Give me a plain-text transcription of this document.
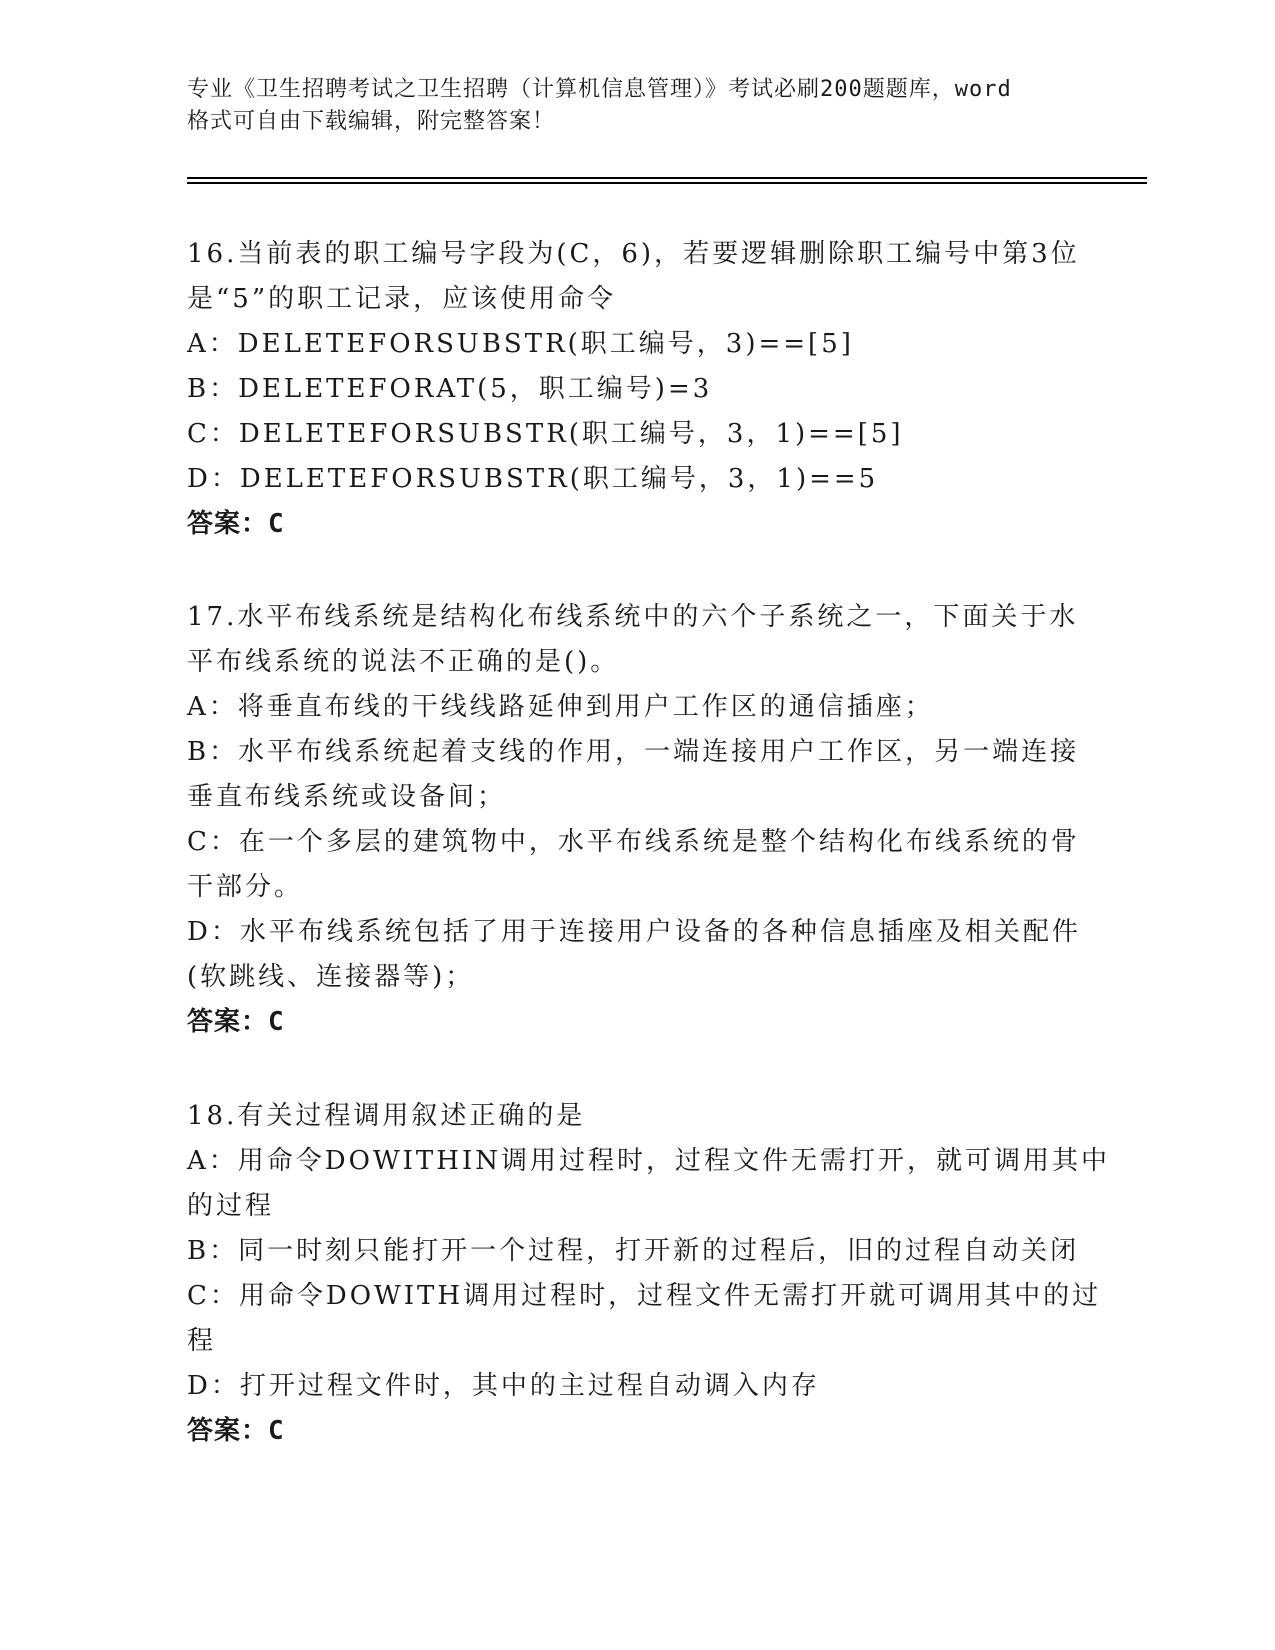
专业《卫生招聘考试之卫生招聘（计算机信息管理）》考试必刷200题题库，word
格式可自由下载编辑，附完整答案！
16.当前表的职工编号字段为(C，6)，若要逻辑删除职工编号中第3位
是“5”的职工记录，应该使用命令
A：DELETEFORSUBSTR(职工编号，3)==[5]
B：DELETEFORAT(5，职工编号)=3
C：DELETEFORSUBSTR(职工编号，3，1)==[5]
D：DELETEFORSUBSTR(职工编号，3，1)==5
答案：C
17.水平布线系统是结构化布线系统中的六个子系统之一，下面关于水
平布线系统的说法不正确的是()。
A：将垂直布线的干线线路延伸到用户工作区的通信插座；
B：水平布线系统起着支线的作用，一端连接用户工作区，另一端连接
垂直布线系统或设备间；
C：在一个多层的建筑物中，水平布线系统是整个结构化布线系统的骨
干部分。
D：水平布线系统包括了用于连接用户设备的各种信息插座及相关配件
(软跳线、连接器等)；
答案：C
18.有关过程调用叙述正确的是
A：用命令DOWITHIN调用过程时，过程文件无需打开，就可调用其中
的过程
B：同一时刻只能打开一个过程，打开新的过程后，旧的过程自动关闭
C：用命令DOWITH调用过程时，过程文件无需打开就可调用其中的过
程
D：打开过程文件时，其中的主过程自动调入内存
答案：C
